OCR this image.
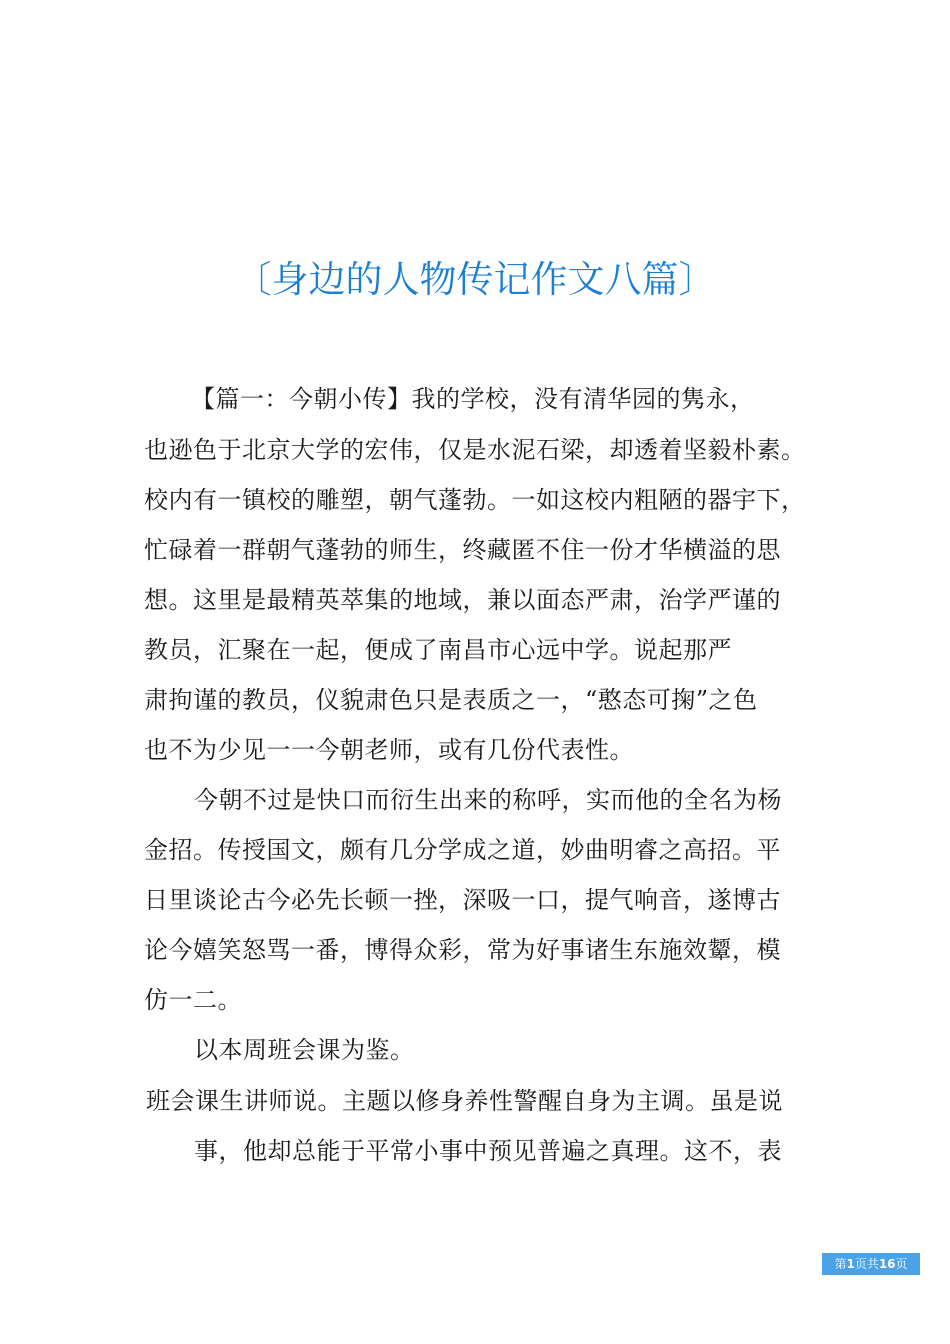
〔身边的人物传记作文八篇〕
【篇一：今朝小传】我的学校，没有清华园的隽永，
也逊色于北京大学的宏伟，仅是水泥石梁，却透着坚毅朴素。
校内有一镇校的雕塑，朝气蓬勃。一如这校内粗陋的器宇下，
忙碌着一群朝气蓬勃的师生，终藏匿不住一份才华横溢的思
想。这里是最精英萃集的地域，兼以面态严肃，治学严谨的
教员，汇聚在一起，便成了南昌市心远中学。说起那严
肃拘谨的教员，仪貌肃色只是表质之一，“憨态可掬”之色
也不为少见一一今朝老师，或有几份代表性。
今朝不过是快口而衍生出来的称呼，实而他的全名为杨
金招。传授国文，颇有几分学成之道，妙曲明睿之高招。平
日里谈论古今必先长顿一挫，深吸一口，提气响音，遂博古
论今嬉笑怒骂一番，博得众彩，常为好事诸生东施效颦，模
仿一二。
以本周班会课为鉴。
班会课生讲师说。主题以修身养性警醒自身为主调。虽是说
事，他却总能于平常小事中预见普遍之真理。这不，表
第1页共16页
